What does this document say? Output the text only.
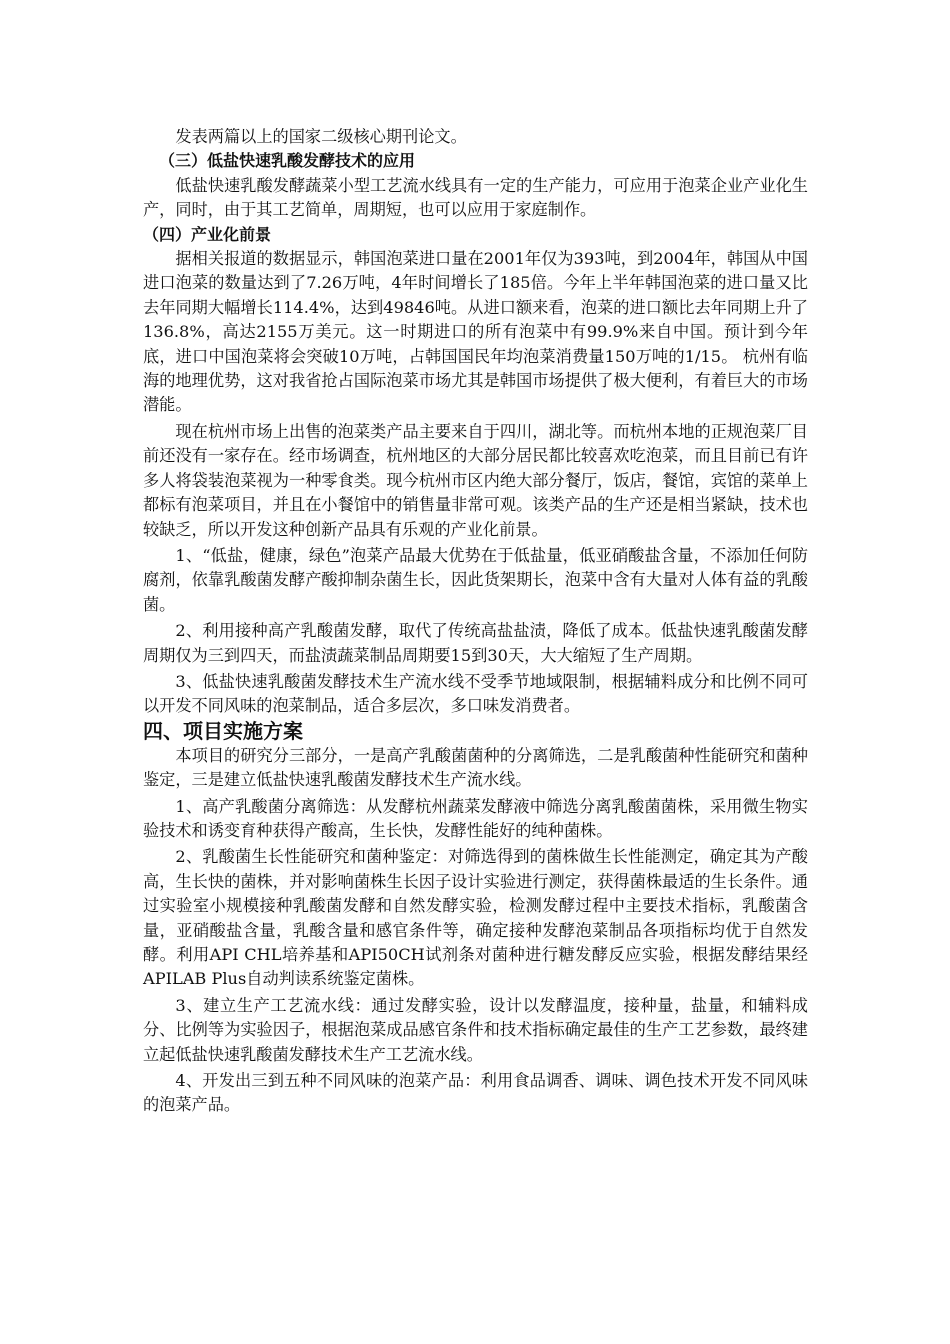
发表两篇以上的国家二级核心期刊论文。

（三）低盐快速乳酸发酵技术的应用

低盐快速乳酸发酵蔬菜小型工艺流水线具有一定的生产能力，可应用于泡菜企业产业化生产，同时，由于其工艺简单，周期短，也可以应用于家庭制作。

（四）产业化前景

据相关报道的数据显示，韩国泡菜进口量在2001年仅为393吨，到2004年，韩国从中国进口泡菜的数量达到了7.26万吨，4年时间增长了185倍。今年上半年韩国泡菜的进口量又比去年同期大幅增长114.4%，达到49846吨。从进口额来看，泡菜的进口额比去年同期上升了136.8%，高达2155万美元。这一时期进口的所有泡菜中有99.9%来自中国。预计到今年底，进口中国泡菜将会突破10万吨，占韩国国民年均泡菜消费量150万吨的1/15。 杭州有临海的地理优势，这对我省抢占国际泡菜市场尤其是韩国市场提供了极大便利，有着巨大的市场潜能。

现在杭州市场上出售的泡菜类产品主要来自于四川，湖北等。而杭州本地的正规泡菜厂目前还没有一家存在。经市场调查，杭州地区的大部分居民都比较喜欢吃泡菜，而且目前已有许多人将袋装泡菜视为一种零食类。现今杭州市区内绝大部分餐厅，饭店，餐馆，宾馆的菜单上都标有泡菜项目，并且在小餐馆中的销售量非常可观。该类产品的生产还是相当紧缺，技术也较缺乏，所以开发这种创新产品具有乐观的产业化前景。

1、“低盐，健康，绿色”泡菜产品最大优势在于低盐量，低亚硝酸盐含量，不添加任何防腐剂，依靠乳酸菌发酵产酸抑制杂菌生长，因此货架期长，泡菜中含有大量对人体有益的乳酸菌。

2、利用接种高产乳酸菌发酵，取代了传统高盐盐渍，降低了成本。低盐快速乳酸菌发酵周期仅为三到四天，而盐渍蔬菜制品周期要15到30天，大大缩短了生产周期。

3、低盐快速乳酸菌发酵技术生产流水线不受季节地域限制，根据辅料成分和比例不同可以开发不同风味的泡菜制品，适合多层次，多口味发消费者。

四、项目实施方案

本项目的研究分三部分，一是高产乳酸菌菌种的分离筛选，二是乳酸菌种性能研究和菌种鉴定，三是建立低盐快速乳酸菌发酵技术生产流水线。

1、高产乳酸菌分离筛选：从发酵杭州蔬菜发酵液中筛选分离乳酸菌菌株，采用微生物实验技术和诱变育种获得产酸高，生长快，发酵性能好的纯种菌株。

2、乳酸菌生长性能研究和菌种鉴定：对筛选得到的菌株做生长性能测定，确定其为产酸高，生长快的菌株，并对影响菌株生长因子设计实验进行测定，获得菌株最适的生长条件。通过实验室小规模接种乳酸菌发酵和自然发酵实验，检测发酵过程中主要技术指标，乳酸菌含量，亚硝酸盐含量，乳酸含量和感官条件等，确定接种发酵泡菜制品各项指标均优于自然发酵。利用API CHL培养基和API50CH试剂条对菌种进行糖发酵反应实验，根据发酵结果经APILAB Plus自动判读系统鉴定菌株。

3、建立生产工艺流水线：通过发酵实验，设计以发酵温度，接种量，盐量，和辅料成分、比例等为实验因子，根据泡菜成品感官条件和技术指标确定最佳的生产工艺参数，最终建立起低盐快速乳酸菌发酵技术生产工艺流水线。

4、开发出三到五种不同风味的泡菜产品：利用食品调香、调味、调色技术开发不同风味的泡菜产品。
